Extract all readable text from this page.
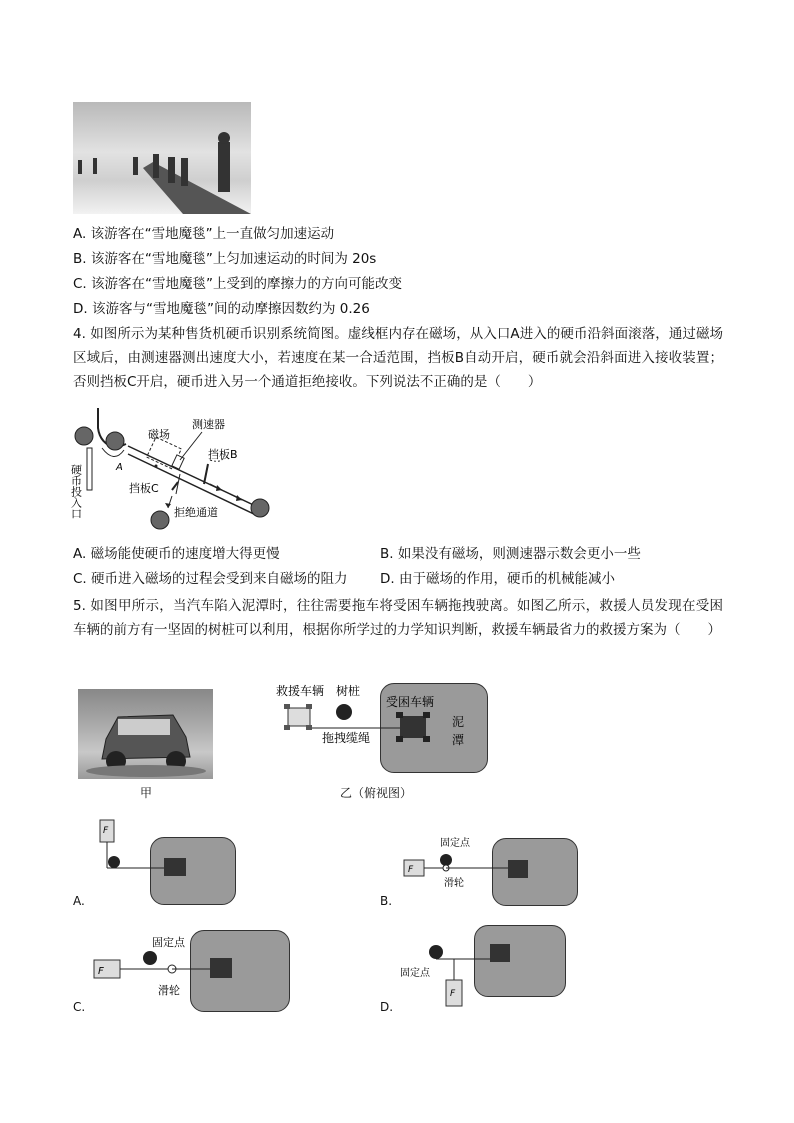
A. 该游客在“雪地魔毯”上一直做匀加速运动
B. 该游客在“雪地魔毯”上匀加速运动的时间为 20s
C. 该游客在“雪地魔毯”上受到的摩擦力的方向可能改变
D. 该游客与“雪地魔毯”间的动摩擦因数约为 0.26
4. 如图所示为某种售货机硬币识别系统简图。虚线框内存在磁场，从入口A进入的硬币沿斜面滚落，通过磁场区域后，由测速器测出速度大小，若速度在某一合适范围，挡板B自动开启，硬币就会沿斜面进入接收装置；否则挡板C开启，硬币进入另一个通道拒绝接收。下列说法不正确的是（　　）
磁场
测速器
挡板B
挡板C
拒绝通道
A
硬币投入口
A. 磁场能使硬币的速度增大得更慢	B. 如果没有磁场，则测速器示数会更小一些
C. 硬币进入磁场的过程会受到来自磁场的阻力 D. 由于磁场的作用，硬币的机械能减小
5. 如图甲所示，当汽车陷入泥潭时，往往需要拖车将受困车辆拖拽驶离。如图乙所示，救援人员发现在受困车辆的前方有一坚固的树桩可以利用，根据你所学过的力学知识判断，救援车辆最省力的救援方案为（　　）
甲
救援车辆 树桩
受困车辆
拖拽缆绳
泥
潭
乙（俯视图）
F
A.
固定点
滑轮
F
B.
固定点
滑轮
F
C.
固定点
F
D.
